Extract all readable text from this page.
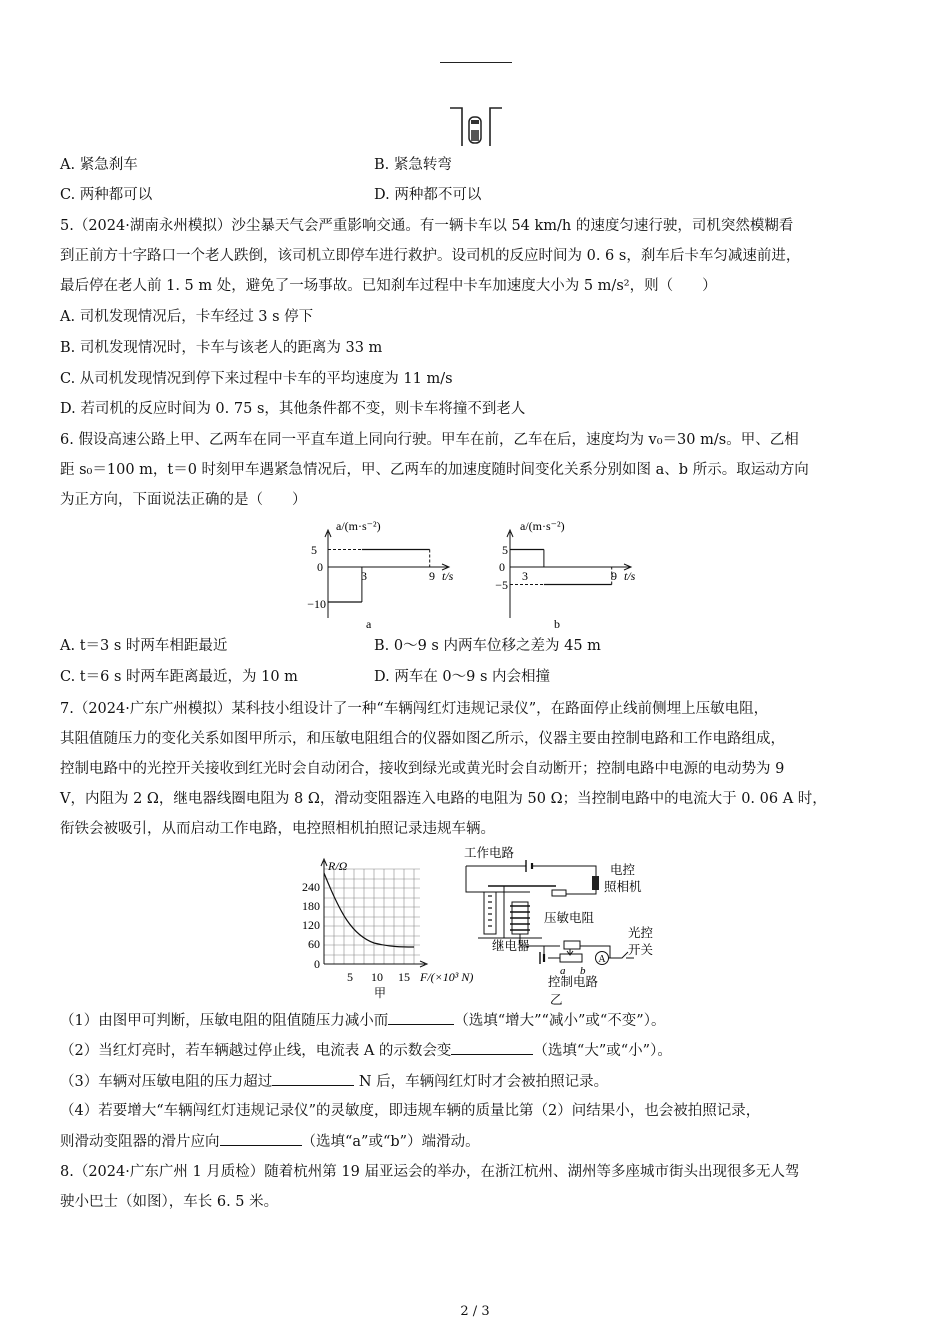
A. 紧急刹车	B. 紧急转弯
C. 两种都可以	D. 两种都不可以
5.（2024·湖南永州模拟）沙尘暴天气会严重影响交通。有一辆卡车以 54 km/h 的速度匀速行驶，司机突然模糊看
到正前方十字路口一个老人跌倒，该司机立即停车进行救护。设司机的反应时间为 0. 6 s，刹车后卡车匀减速前进，
最后停在老人前 1. 5 m 处，避免了一场事故。已知刹车过程中卡车加速度大小为 5 m/s²，则（　　）
A. 司机发现情况后，卡车经过 3 s 停下
B. 司机发现情况时，卡车与该老人的距离为 33 m
C. 从司机发现情况到停下来过程中卡车的平均速度为 11 m/s
D. 若司机的反应时间为 0. 75 s，其他条件都不变，则卡车将撞不到老人
6. 假设高速公路上甲、乙两车在同一平直车道上同向行驶。甲车在前，乙车在后，速度均为 v₀＝30 m/s。甲、乙相
距 s₀＝100 m，t＝0 时刻甲车遇紧急情况后，甲、乙两车的加速度随时间变化关系分别如图 a、b 所示。取运动方向
为正方向，下面说法正确的是（　　）
a/(m·s⁻²)
5
0
−10
3	9 t/s
a
a/(m·s⁻²)
5
0
−5
3	9 t/s
b
A. t＝3 s 时两车相距最近	B. 0～9 s 内两车位移之差为 45 m
C. t＝6 s 时两车距离最近，为 10 m	D. 两车在 0～9 s 内会相撞
7.（2024·广东广州模拟）某科技小组设计了一种“车辆闯红灯违规记录仪”，在路面停止线前侧埋上压敏电阻，
其阻值随压力的变化关系如图甲所示，和压敏电阻组合的仪器如图乙所示，仪器主要由控制电路和工作电路组成，
控制电路中的光控开关接收到红光时会自动闭合，接收到绿光或黄光时会自动断开；控制电路中电源的电动势为 9
V，内阻为 2 Ω，继电器线圈电阻为 8 Ω，滑动变阻器连入电路的电阻为 50 Ω；当控制电路中的电流大于 0. 06 A 时，
衔铁会被吸引，从而启动工作电路，电控照相机拍照记录违规车辆。
R/Ω
240
180
120
60
0
5 10 15 F/(×10³ N)
甲
工作电路
电控
照相机
压敏电阻
继电器
a b
A
光控
开关
控制电路
乙
（1）由图甲可判断，压敏电阻的阻值随压力减小而	（选填“增大”“减小”或“不变”）。
（2）当红灯亮时，若车辆越过停止线，电流表 A 的示数会变	（选填“大”或“小”）。
（3）车辆对压敏电阻的压力超过	N 后，车辆闯红灯时才会被拍照记录。
（4）若要增大“车辆闯红灯违规记录仪”的灵敏度，即违规车辆的质量比第（2）问结果小，也会被拍照记录，
则滑动变阻器的滑片应向	（选填“a”或“b”）端滑动。
8.（2024·广东广州 1 月质检）随着杭州第 19 届亚运会的举办，在浙江杭州、湖州等多座城市街头出现很多无人驾
驶小巴士（如图），车长 6. 5 米。
2 / 3
